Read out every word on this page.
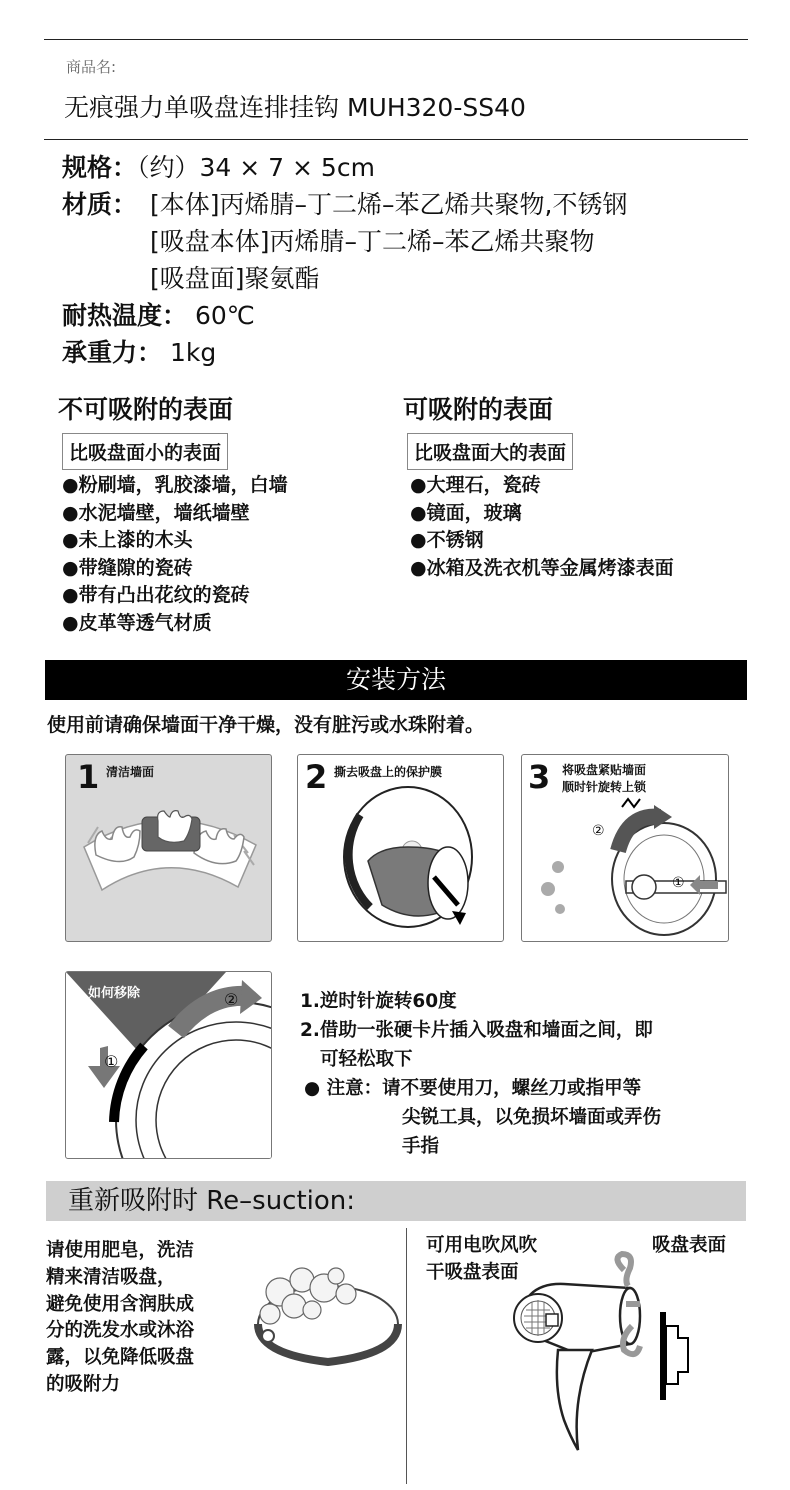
商品名:
无痕强力单吸盘连排挂钩 MUH320-SS40
规格：（约）34 × 7 × 5cm
材质： [本体]丙烯腈–丁二烯–苯乙烯共聚物,不锈钢
[吸盘本体]丙烯腈–丁二烯–苯乙烯共聚物
[吸盘面]聚氨酯
耐热温度： 60℃
承重力： 1kg
不可吸附的表面
比吸盘面小的表面
● 粉刷墙，乳胶漆墙，白墙
● 水泥墙壁，墙纸墙壁
● 未上漆的木头
● 带缝隙的瓷砖
● 带有凸出花纹的瓷砖
● 皮革等透气材质
可吸附的表面
比吸盘面大的表面
● 大理石，瓷砖
● 镜面，玻璃
● 不锈钢
● 冰箱及洗衣机等金属烤漆表面
安装方法
使用前请确保墙面干净干燥，没有脏污或水珠附着。
1 清洁墙面	2 撕去吸盘上的保护膜	3 将吸盘紧贴墙面
顺时针旋转上锁
②
①
如何移除	②
①
1.逆时针旋转60度
2.借助一张硬卡片插入吸盘和墙面之间，即
可轻松取下
● 注意：请不要使用刀，螺丝刀或指甲等
尖锐工具，以免损坏墙面或弄伤
手指
重新吸附时 Re–suction:
请使用肥皂，洗洁
精来清洁吸盘，
避免使用含润肤成
分的洗发水或沐浴
露，以免降低吸盘
的吸附力
可用电吹风吹
干吸盘表面
吸盘表面
